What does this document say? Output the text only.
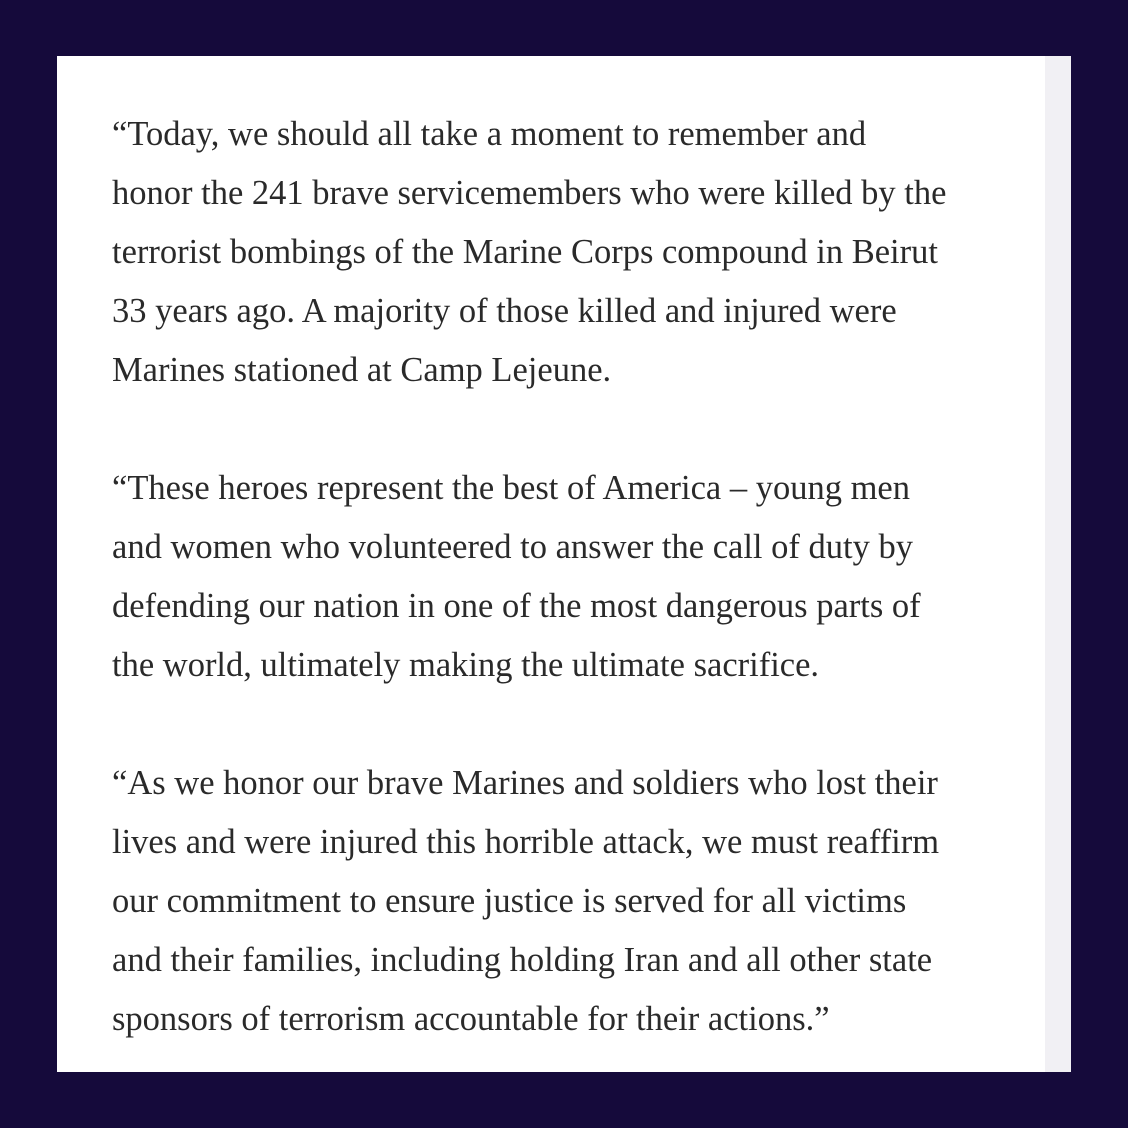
“Today, we should all take a moment to remember and
honor the 241 brave servicemembers who were killed by the
terrorist bombings of the Marine Corps compound in Beirut
33 years ago. A majority of those killed and injured were
Marines stationed at Camp Lejeune.

“These heroes represent the best of America – young men
and women who volunteered to answer the call of duty by
defending our nation in one of the most dangerous parts of
the world, ultimately making the ultimate sacrifice.

“As we honor our brave Marines and soldiers who lost their
lives and were injured this horrible attack, we must reaffirm
our commitment to ensure justice is served for all victims
and their families, including holding Iran and all other state
sponsors of terrorism accountable for their actions.”
